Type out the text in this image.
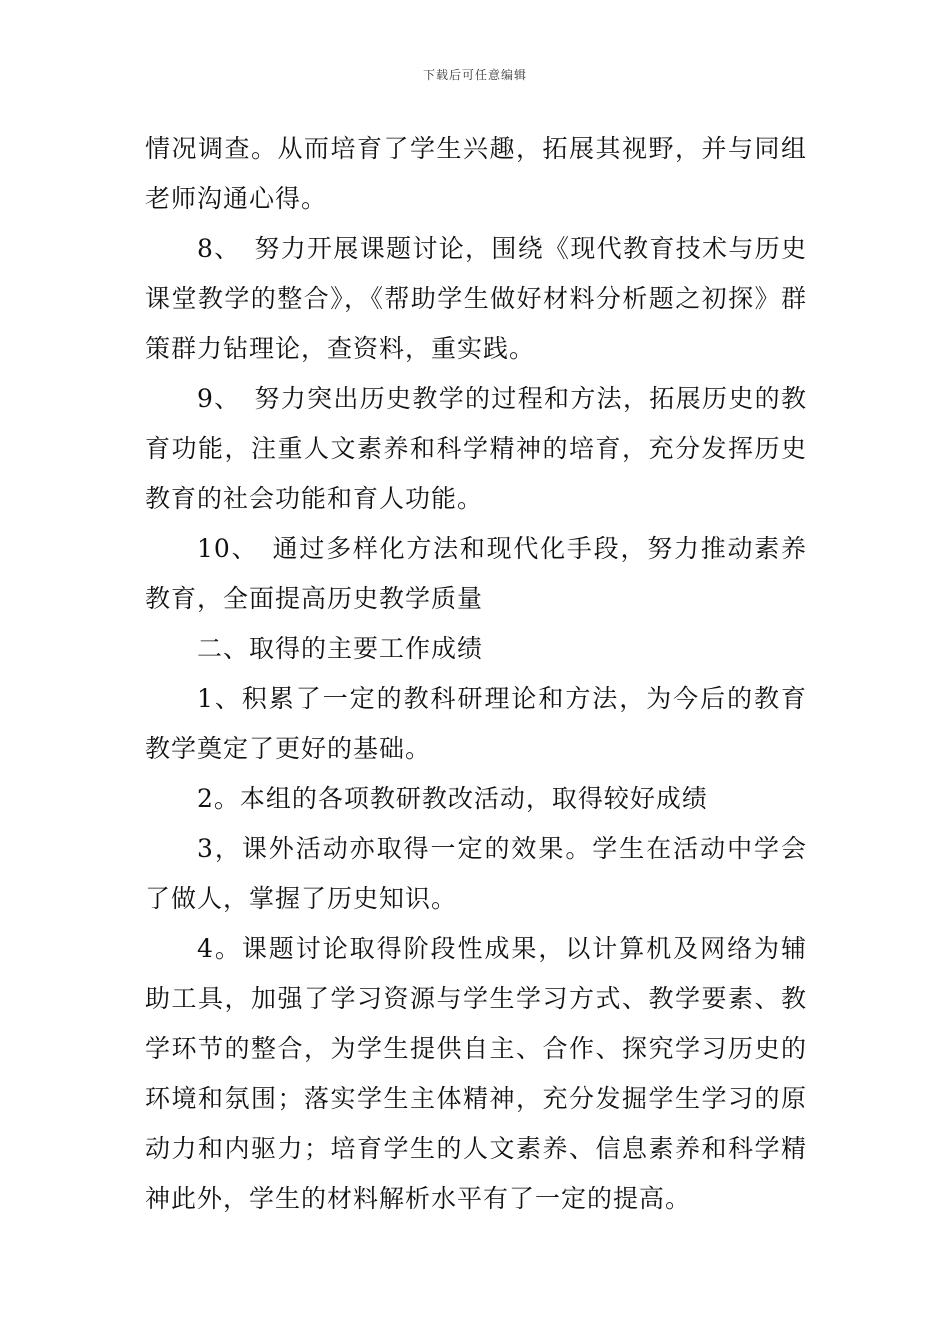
下载后可任意编辑

情况调查。从而培育了学生兴趣，拓展其视野，并与同组老师沟通心得。

8、　努力开展课题讨论，围绕《现代教育技术与历史课堂教学的整合》，《帮助学生做好材料分析题之初探》群策群力钻理论，查资料，重实践。

9、　努力突出历史教学的过程和方法，拓展历史的教育功能，注重人文素养和科学精神的培育，充分发挥历史教育的社会功能和育人功能。

10、　通过多样化方法和现代化手段，努力推动素养教育，全面提高历史教学质量

二、取得的主要工作成绩

1、积累了一定的教科研理论和方法，为今后的教育教学奠定了更好的基础。

2。本组的各项教研教改活动，取得较好成绩

3，课外活动亦取得一定的效果。学生在活动中学会了做人，掌握了历史知识。

4。课题讨论取得阶段性成果，以计算机及网络为辅助工具，加强了学习资源与学生学习方式、教学要素、教学环节的整合，为学生提供自主、合作、探究学习历史的环境和氛围；落实学生主体精神，充分发掘学生学习的原动力和内驱力；培育学生的人文素养、信息素养和科学精神此外，学生的材料解析水平有了一定的提高。
